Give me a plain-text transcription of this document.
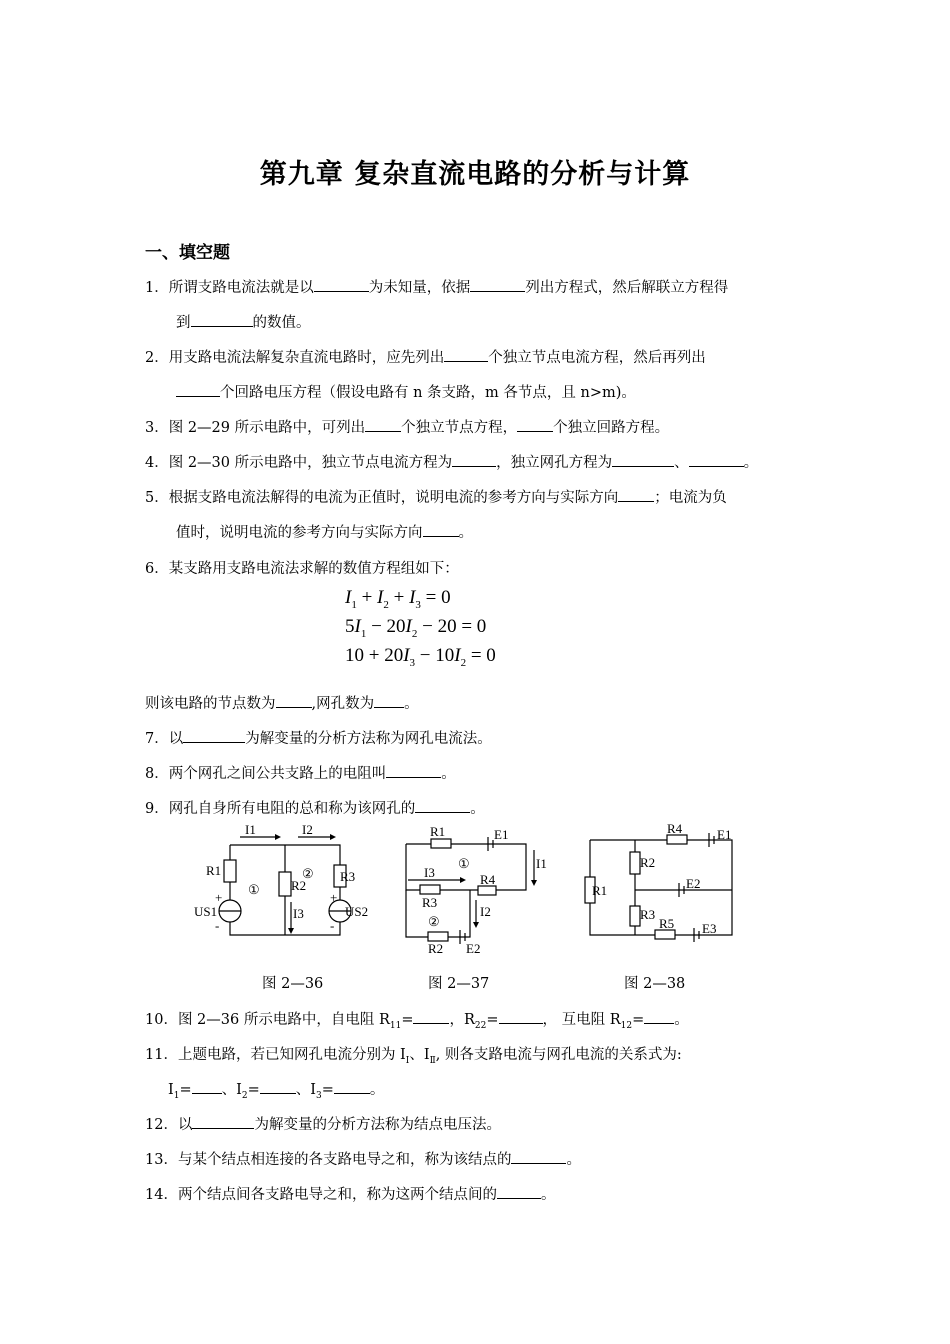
第九章 复杂直流电路的分析与计算
一、填空题
1．所谓支路电流法就是以	为未知量，依据	列出方程式，然后解联立方程得
到	的数值。
2．用支路电流法解复杂直流电路时，应先列出	个独立节点电流方程，然后再列出
个回路电压方程（假设电路有 n 条支路，m 各节点，且 n>m)。
3．图 2—29 所示电路中，可列出 个独立节点方程， 个独立回路方程。
4．图 2—30 所示电路中，独立节点电流方程为	，独立网孔方程为	、	。
5．根据支路电流法解得的电流为正值时，说明电流的参考方向与实际方向 ；电流为负
值时，说明电流的参考方向与实际方向 。
6．某支路用支路电流法求解的数值方程组如下：
$I_1 + I_2 + I_3 = 0$
$5I_1 - 20I_2 - 20 = 0$
$10 + 20I_3 - 10I_2 = 0$
则该电路的节点数为 ,网孔数为 。
7．以	为解变量的分析方法称为网孔电流法。
8．两个网孔之间公共支路上的电阻叫	。
9．网孔自身所有电阻的总和称为该网孔的	。
I1	I2
R1
R2
R3
I3
US1	US2
①
②
+
-
+
-
R1	E1
I1
I3
R3
R4
I2
R2 E2
①
②
R4	E1
R2
R1	E2
R3
R5 E3
图 2—36	图 2—37	图 2—38
10．图 2—36 所示电路中，自电阻 $R_{11}=$ ，$R_{22}=$	， 互电阻 $R_{12}=$ 。
11．上题电路，若已知网孔电流分别为 $I_Ⅰ$、$I_Ⅱ$, 则各支路电流与网孔电流的关系式为:
$I_1=$ 、$I_2=$ 、$I_3=$ 。
12．以	为解变量的分析方法称为结点电压法。
13．与某个结点相连接的各支路电导之和，称为该结点的	。
14．两个结点间各支路电导之和，称为这两个结点间的	。
